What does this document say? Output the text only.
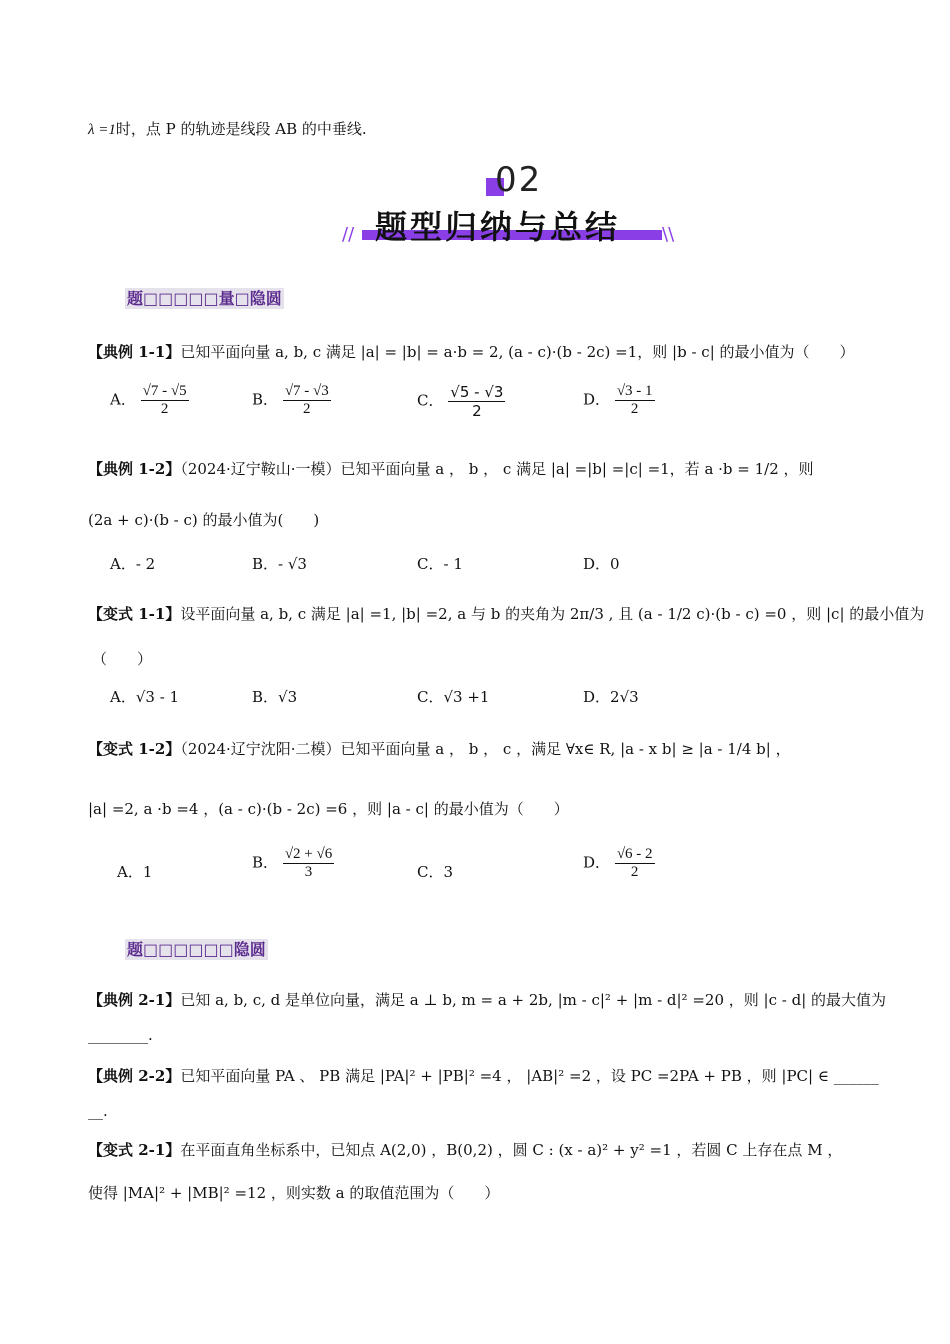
λ =1时，点 P 的轨迹是线段 AB 的中垂线.
02
//	\\
题型归纳与总结
题□□□□□量□隐圆
【典例 1-1】已知平面向量 a, b, c 满足 |a| = |b| = a·b = 2, (a - c)·(b - 2c) =1，则 |b - c| 的最小值为（　　）
A． $\frac{√7 - √5}{2}$	B． $\frac{√7 - √3}{2}$	C． $\frac{√5 - √3}{2}$	D． $\frac{√3 - 1}{2}$
【典例 1-2】（2024·辽宁鞍山·一模）已知平面向量 a ， b ， c 满足 |a| =|b| =|c| =1，若 a ·b = 1/2 ，则
(2a + c)·(b - c) 的最小值为(　　)
A．- 2	B．- √3	C．- 1	D．0
【变式 1-1】设平面向量 a, b, c 满足 |a| =1, |b| =2, a 与 b 的夹角为 2π/3 , 且 (a - 1/2 c)·(b - c) =0 ，则 |c| 的最小值为
（　　）
A．√3 - 1	B．√3	C．√3 +1	D．2√3
【变式 1-2】（2024·辽宁沈阳·二模）已知平面向量 a ， b ， c ，满足 ∀x∈ R, |a - x b| ≥ |a - 1/4 b| ，
|a| =2, a ·b =4 ，(a - c)·(b - 2c) =6 ，则 |a - c| 的最小值为（　　）
A．1
B． $\frac{√2 + √6}{3}$	C．3
D． $\frac{√6 - 2}{2}$
题□□□□□□隐圆
【典例 2-1】已知 a, b, c, d 是单位向量，满足 a ⊥ b, m = a + 2b, |m - c|² + |m - d|² =20 ，则 |c - d| 的最大值为
________.
【典例 2-2】已知平面向量 PA 、 PB 满足 |PA|² + |PB|² =4 ， |AB|² =2 ，设 PC =2PA + PB ，则 |PC| ∈ ______
__.
【变式 2-1】在平面直角坐标系中，已知点 A(2,0) ，B(0,2) ，圆 C : (x - a)² + y² =1 ，若圆 C 上存在点 M ，
使得 |MA|² + |MB|² =12 ，则实数 a 的取值范围为（　　）
